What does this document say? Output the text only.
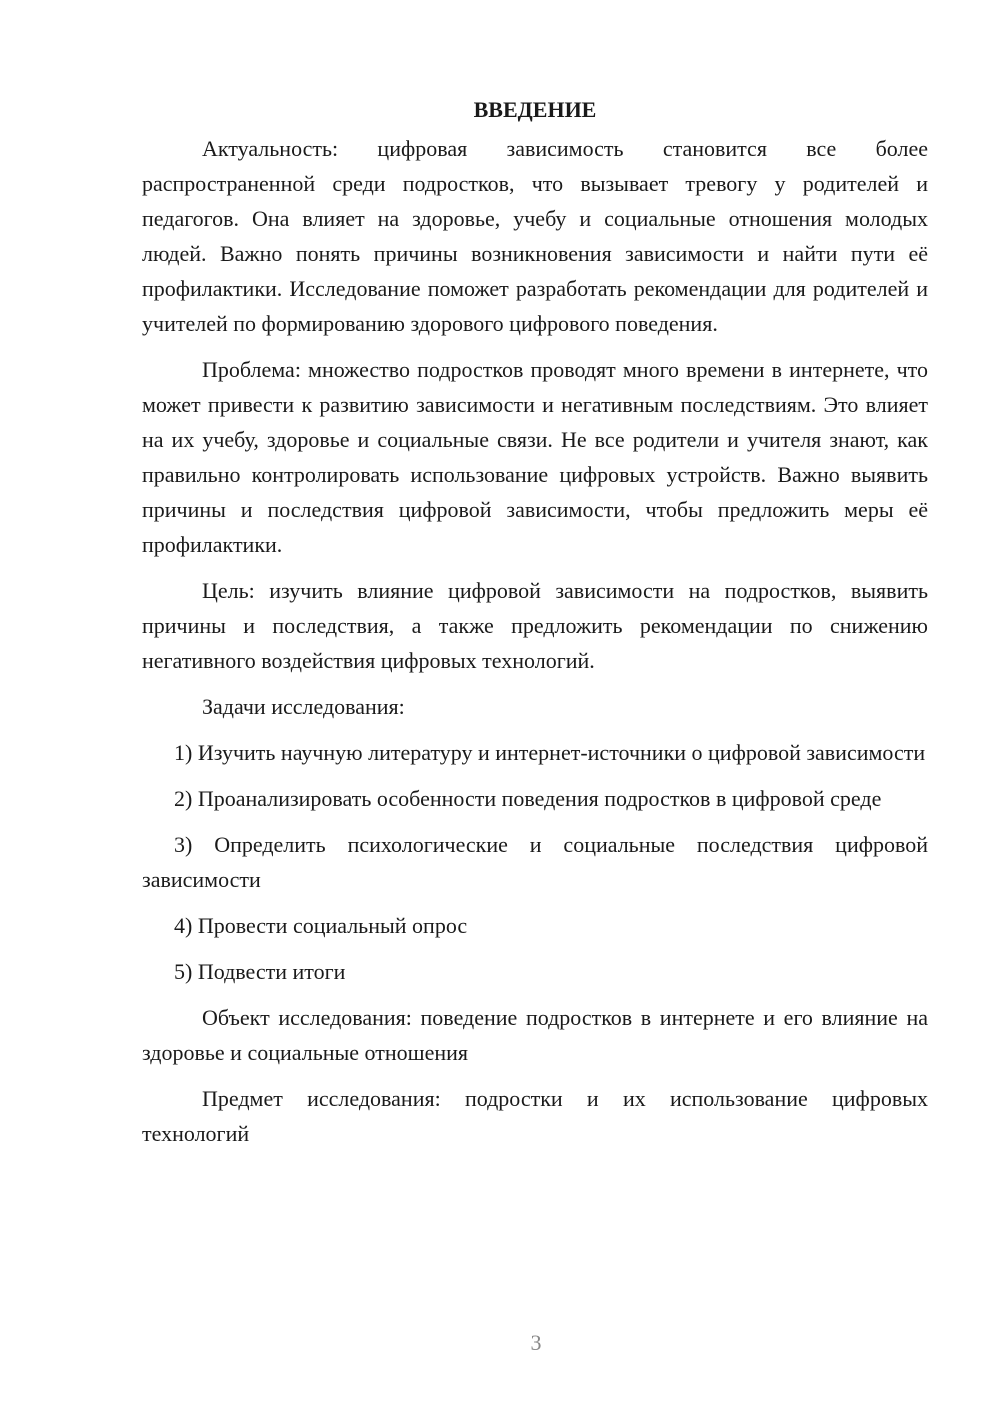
ВВЕДЕНИЕ

Актуальность: цифровая зависимость становится все более распространенной среди подростков, что вызывает тревогу у родителей и педагогов. Она влияет на здоровье, учебу и социальные отношения молодых людей. Важно понять причины возникновения зависимости и найти пути её профилактики. Исследование поможет разработать рекомендации для родителей и учителей по формированию здорового цифрового поведения.

Проблема: множество подростков проводят много времени в интернете, что может привести к развитию зависимости и негативным последствиям. Это влияет на их учебу, здоровье и социальные связи. Не все родители и учителя знают, как правильно контролировать использование цифровых устройств. Важно выявить причины и последствия цифровой зависимости, чтобы предложить меры её профилактики.

Цель: изучить влияние цифровой зависимости на подростков, выявить причины и последствия, а также предложить рекомендации по снижению негативного воздействия цифровых технологий.

Задачи исследования:

1) Изучить научную литературу и интернет-источники о цифровой зависимости

2) Проанализировать особенности поведения подростков в цифровой среде

3) Определить психологические и социальные последствия цифровой зависимости

4) Провести социальный опрос

5) Подвести итоги

Объект исследования: поведение подростков в интернете и его влияние на здоровье и социальные отношения

Предмет исследования: подростки и их использование цифровых технологий

3
